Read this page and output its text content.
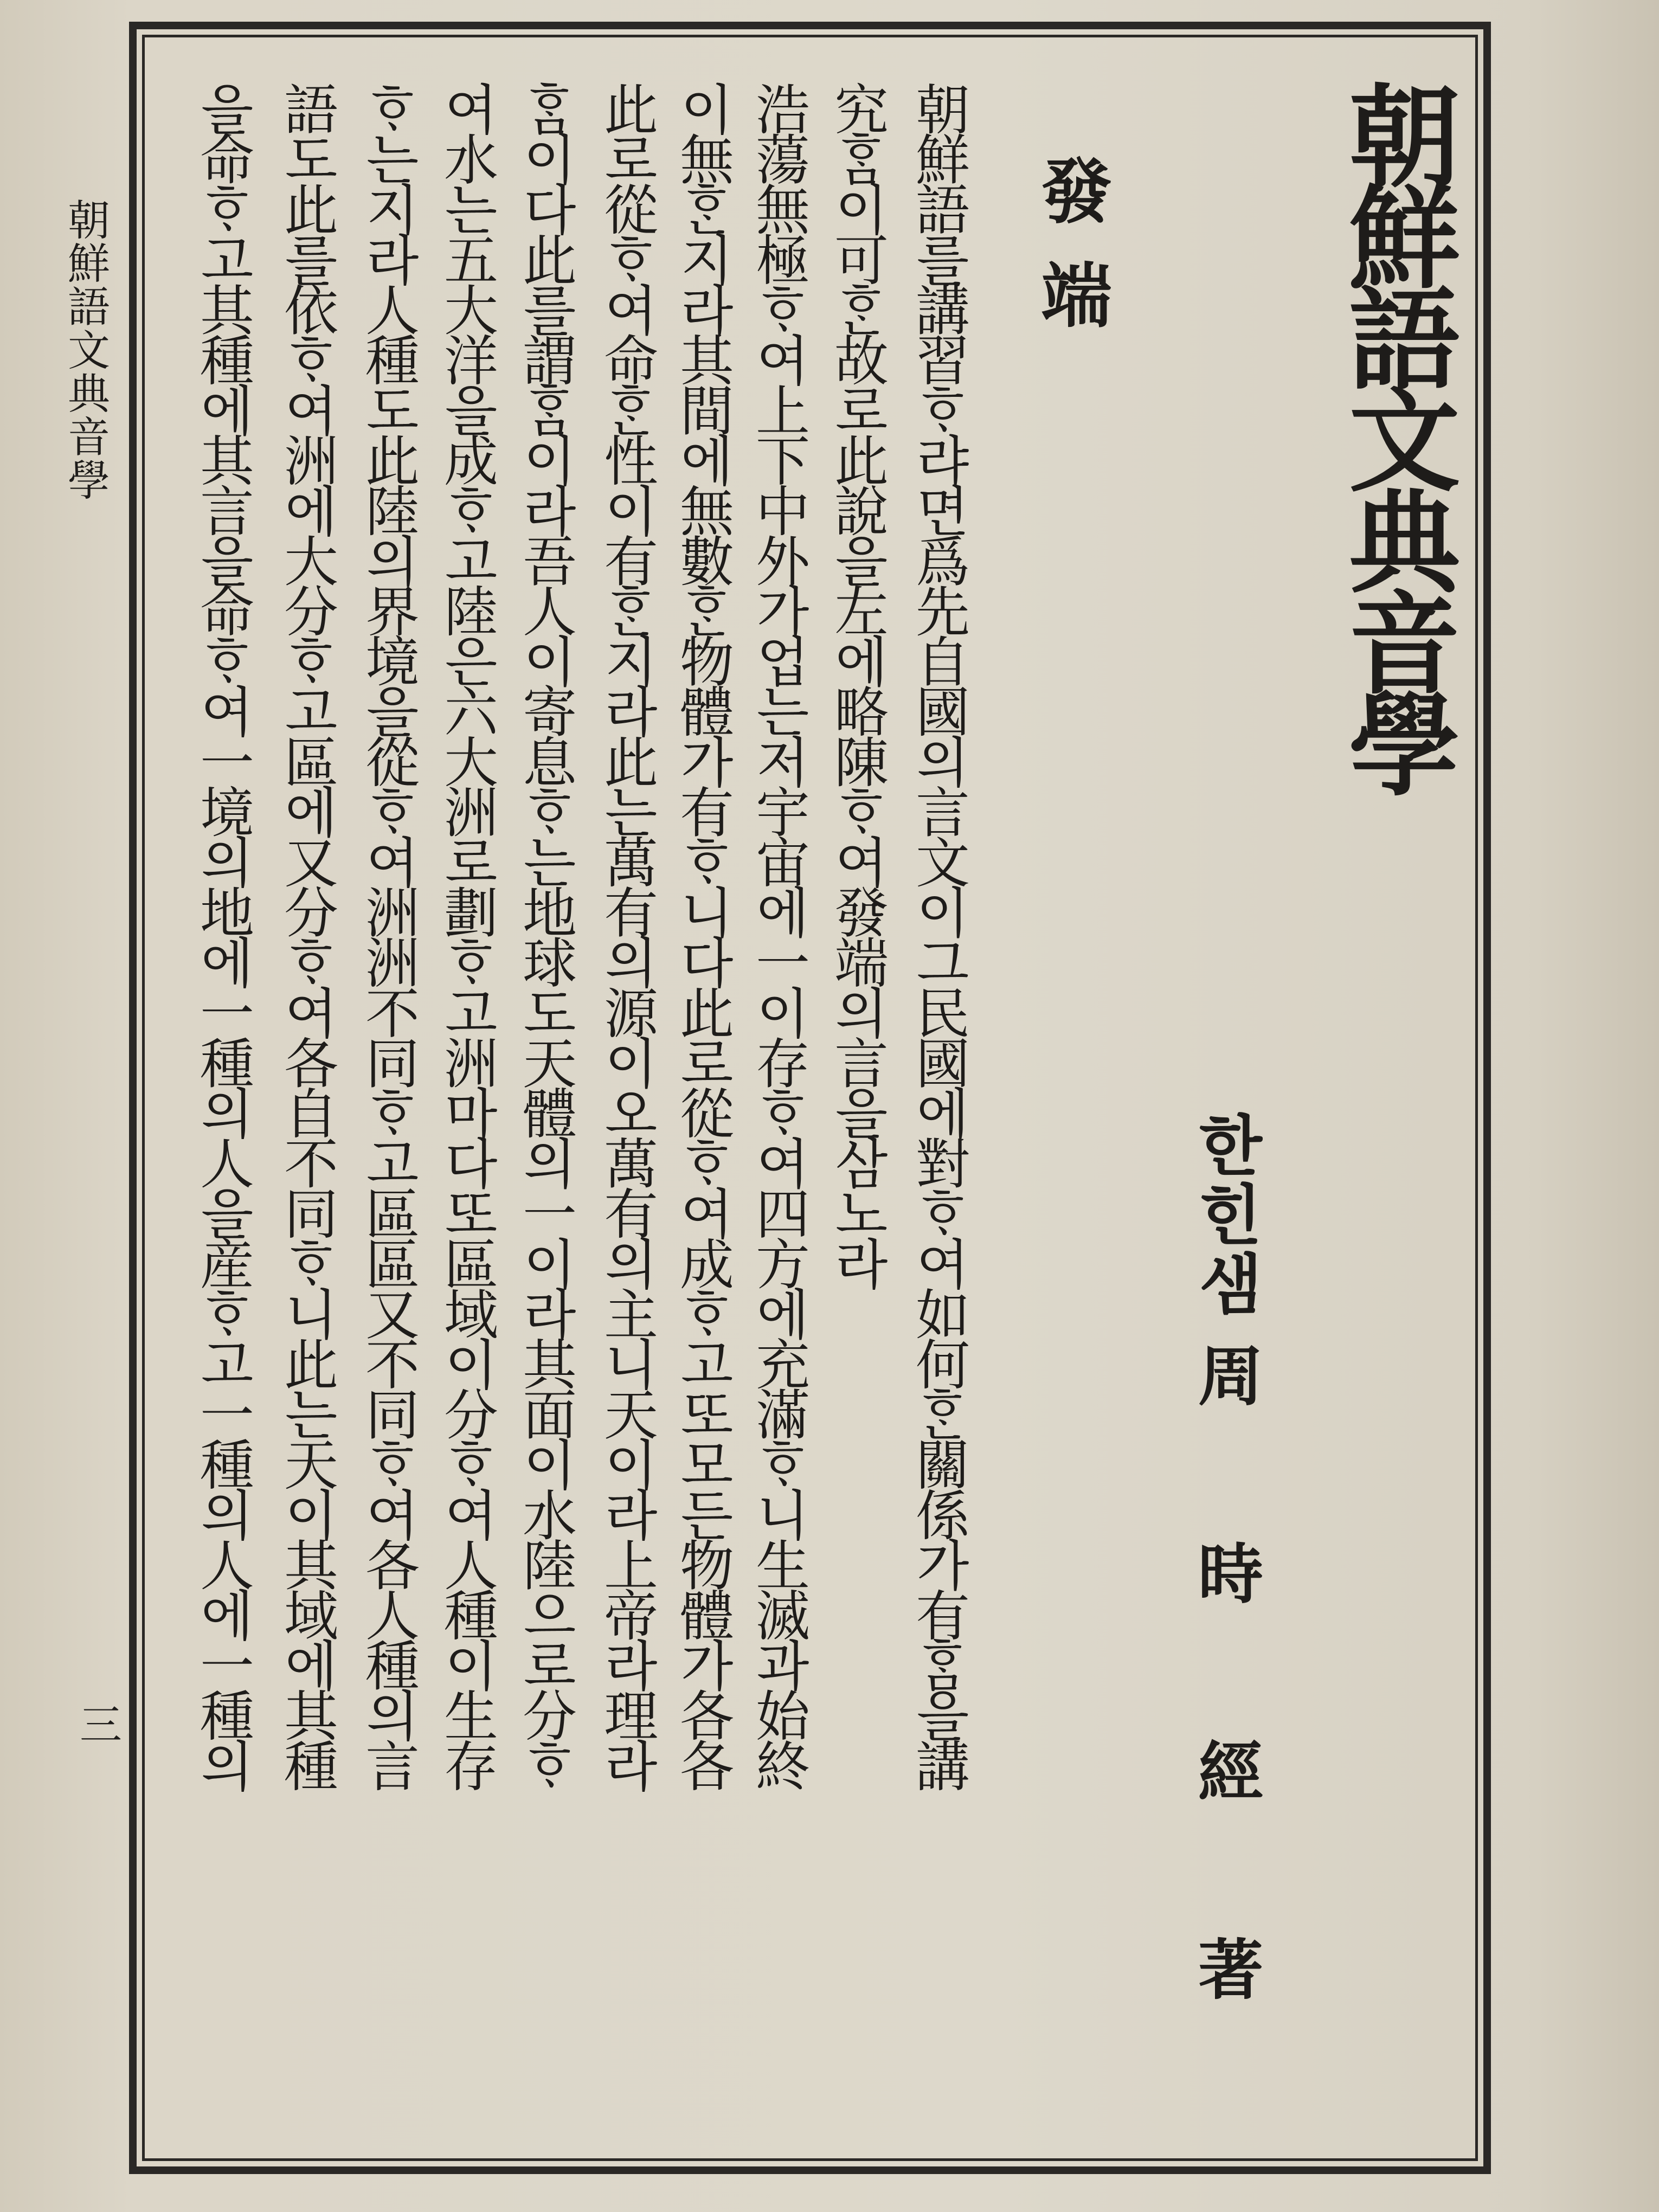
朝鮮語文典音學
發端
한힌샘
周時經著
朝鮮語를講習ᄒᆞ랴면爲先自國의言文이그民國에對ᄒᆞ여如何ᄒᆞᆫ關係가有ᄒᆞᆷ을講
究ᄒᆞᆷ이可ᄒᆞᆫ故로此說을左에略陳ᄒᆞ여發端의言을삼노라
浩蕩無極ᄒᆞ여上下中外가업는저宇宙에一이存ᄒᆞ여四方에充滿ᄒᆞ니生滅과始終
이無ᄒᆞᆫ지라其間에無數ᄒᆞᆫ物體가有ᄒᆞ니다此로從ᄒᆞ여成ᄒᆞ고또모든物體가各各
此로從ᄒᆞ여命ᄒᆞᆫ性이有ᄒᆞᆫ지라此는萬有의源이오萬有의主니天이라上帝라理라
ᄒᆞᆷ이다此를謂ᄒᆞᆷ이라吾人이寄息ᄒᆞ는地球도天體의一이라其面이水陸으로分ᄒᆞ
여水는五大洋을成ᄒᆞ고陸은六大洲로劃ᄒᆞ고洲마다또區域이分ᄒᆞ여人種이生存
ᄒᆞ는지라人種도此陸의界境을從ᄒᆞ여洲洲不同ᄒᆞ고區區又不同ᄒᆞ여各人種의言
語도此를依ᄒᆞ여洲에大分ᄒᆞ고區에又分ᄒᆞ여各自不同ᄒᆞ니此는天이其域에其種
을命ᄒᆞ고其種에其言을命ᄒᆞ여一境의地에一種의人을産ᄒᆞ고一種의人에一種의
朝鮮語文典音學
三
